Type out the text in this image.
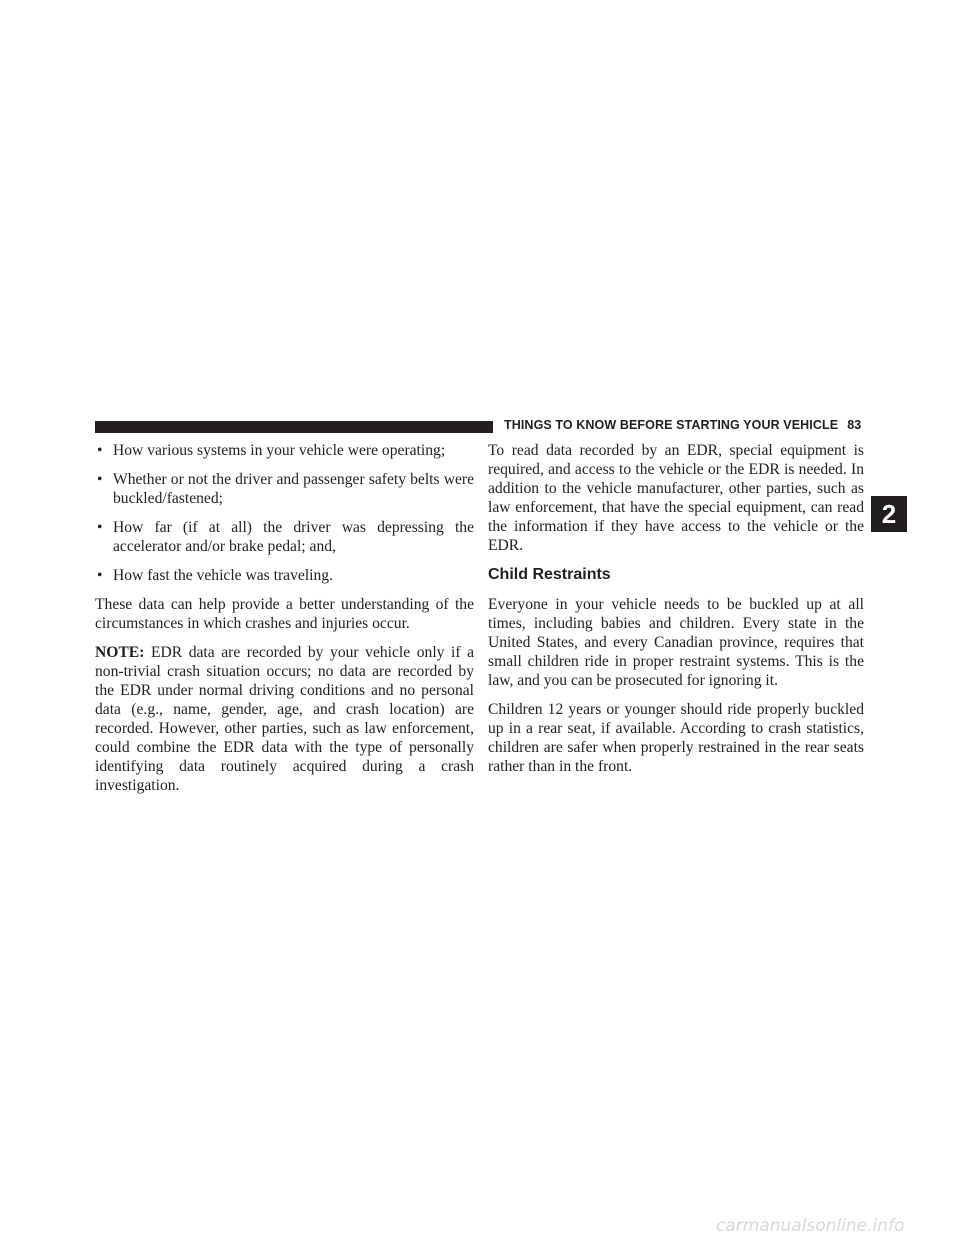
THINGS TO KNOW BEFORE STARTING YOUR VEHICLE 83
2
• How various systems in your vehicle were operating;
• Whether or not the driver and passenger safety belts were buckled/fastened;
• How far (if at all) the driver was depressing the accelerator and/or brake pedal; and,
• How fast the vehicle was traveling.

These data can help provide a better understanding of the circumstances in which crashes and injuries occur.

NOTE: EDR data are recorded by your vehicle only if a non-trivial crash situation occurs; no data are recorded by the EDR under normal driving conditions and no personal data (e.g., name, gender, age, and crash location) are recorded. However, other parties, such as law enforcement, could combine the EDR data with the type of personally identifying data routinely acquired during a crash investigation.

To read data recorded by an EDR, special equipment is required, and access to the vehicle or the EDR is needed. In addition to the vehicle manufacturer, other parties, such as law enforcement, that have the special equipment, can read the information if they have access to the vehicle or the EDR.

Child Restraints

Everyone in your vehicle needs to be buckled up at all times, including babies and children. Every state in the United States, and every Canadian province, requires that small children ride in proper restraint systems. This is the law, and you can be prosecuted for ignoring it.

Children 12 years or younger should ride properly buckled up in a rear seat, if available. According to crash statistics, children are safer when properly restrained in the rear seats rather than in the front.

carmanualsonline.info
